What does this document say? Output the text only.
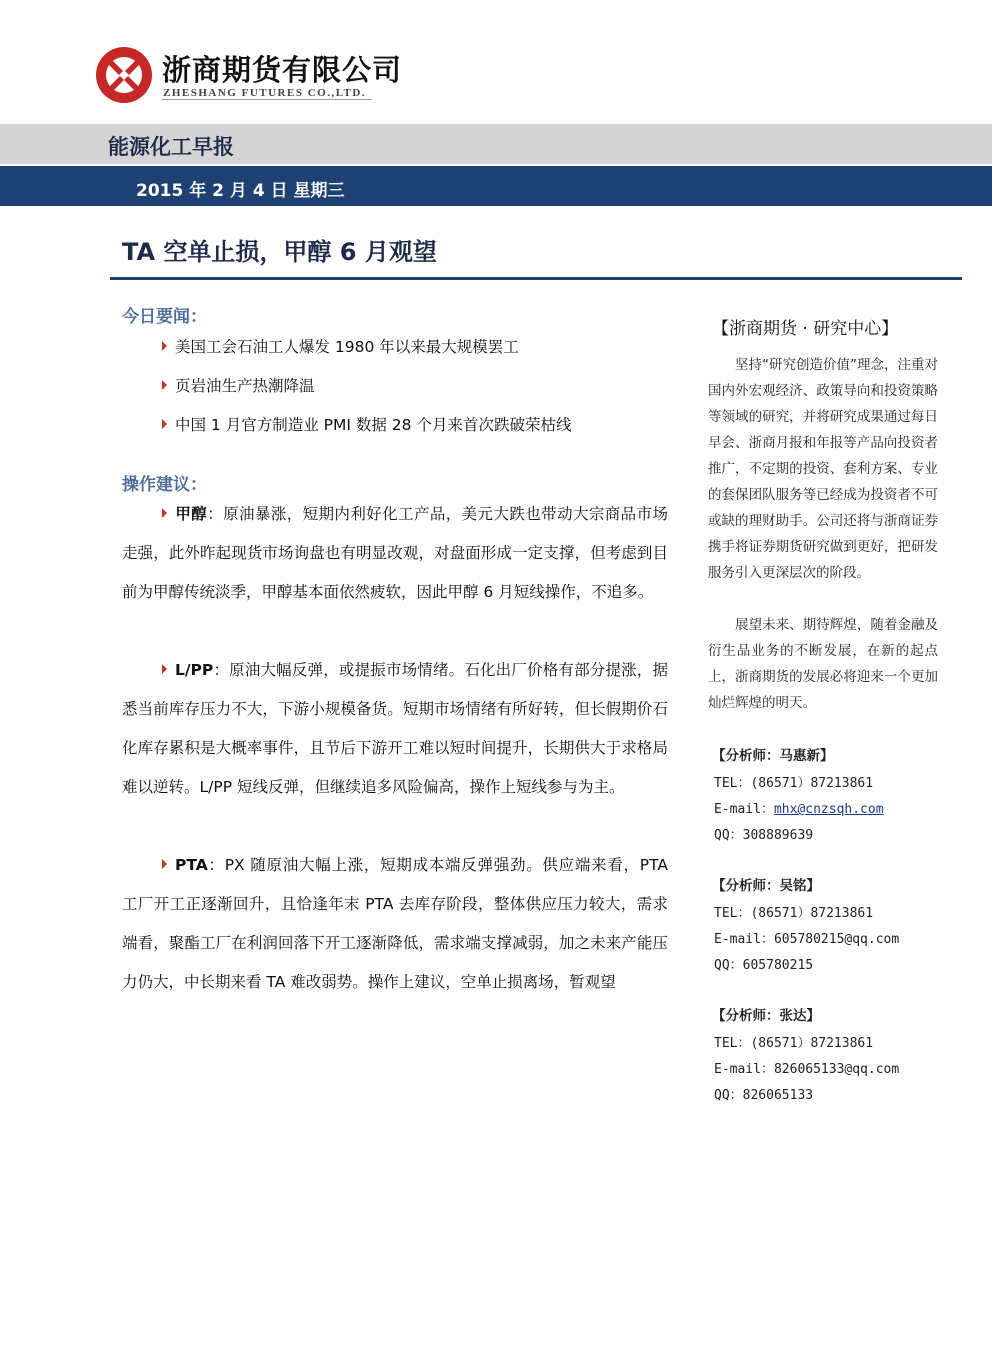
浙商期货有限公司
ZHESHANG FUTURES CO.,LTD.
能源化工早报
2015 年 2 月 4 日 星期三
TA 空单止损，甲醇 6 月观望
今日要闻：
美国工会石油工人爆发 1980 年以来最大规模罢工
页岩油生产热潮降温
中国 1 月官方制造业 PMI 数据 28 个月来首次跌破荣枯线
操作建议：
甲醇：原油暴涨，短期内利好化工产品，美元大跌也带动大宗商品市场走强，此外昨起现货市场询盘也有明显改观，对盘面形成一定支撑，但考虑到目前为甲醇传统淡季，甲醇基本面依然疲软，因此甲醇 6 月短线操作，不追多。
L/PP：原油大幅反弹，或提振市场情绪。石化出厂价格有部分提涨，据悉当前库存压力不大，下游小规模备货。短期市场情绪有所好转，但长假期价石化库存累积是大概率事件，且节后下游开工难以短时间提升，长期供大于求格局难以逆转。L/PP 短线反弹，但继续追多风险偏高，操作上短线参与为主。
PTA：PX 随原油大幅上涨，短期成本端反弹强劲。供应端来看，PTA 工厂开工正逐渐回升，且恰逢年末 PTA 去库存阶段，整体供应压力较大，需求端看，聚酯工厂在利润回落下开工逐渐降低，需求端支撑减弱，加之未来产能压力仍大，中长期来看 TA 难改弱势。操作上建议，空单止损离场，暂观望
【浙商期货 · 研究中心】
坚持“研究创造价值”理念，注重对国内外宏观经济、政策导向和投资策略等领域的研究，并将研究成果通过每日早会、浙商月报和年报等产品向投资者推广，不定期的投资、套利方案、专业的套保团队服务等已经成为投资者不可或缺的理财助手。公司还将与浙商证券携手将证券期货研究做到更好，把研发服务引入更深层次的阶段。
展望未来、期待辉煌，随着金融及衍生品业务的不断发展，在新的起点上，浙商期货的发展必将迎来一个更加灿烂辉煌的明天。
【分析师：马惠新】
TEL：(86571）87213861
E-mail：mhx@cnzsqh.com
QQ：308889639
【分析师：吴铭】
TEL：(86571）87213861
E-mail：605780215@qq.com
QQ：605780215
【分析师：张达】
TEL：(86571）87213861
E-mail：826065133@qq.com
QQ：826065133
